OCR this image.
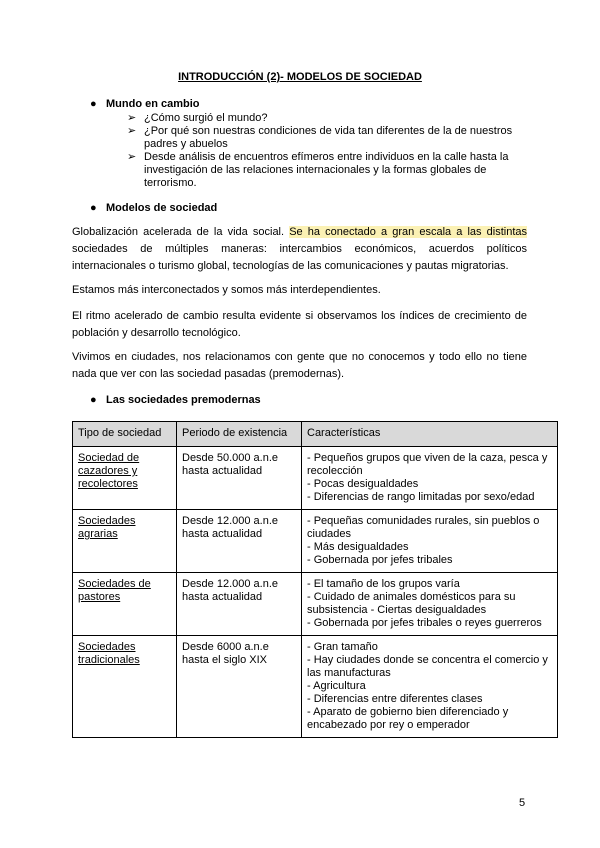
INTRODUCCIÓN (2)- MODELOS DE SOCIEDAD
● Mundo en cambio
➢ ¿Cómo surgió el mundo?
➢ ¿Por qué son nuestras condiciones de vida tan diferentes de la de nuestros padres y abuelos
➢ Desde análisis de encuentros efímeros entre individuos en la calle hasta la investigación de las relaciones internacionales y la formas globales de terrorismo.
● Modelos de sociedad

Globalización acelerada de la vida social. Se ha conectado a gran escala a las distintas sociedades de múltiples maneras: intercambios económicos, acuerdos políticos internacionales o turismo global, tecnologías de las comunicaciones y pautas migratorias.

Estamos más interconectados y somos más interdependientes.

El ritmo acelerado de cambio resulta evidente si observamos los índices de crecimiento de población y desarrollo tecnológico.

Vivimos en ciudades, nos relacionamos con gente que no conocemos y todo ello no tiene nada que ver con las sociedad pasadas (premodernas).

● Las sociedades premodernas
Tipo de sociedad	Periodo de existencia	Características
Sociedad de cazadores y recolectores	Desde 50.000 a.n.e hasta actualidad	- Pequeños grupos que viven de la caza, pesca y recolección
- Pocas desigualdades
- Diferencias de rango limitadas por sexo/edad

Sociedades agrarias	Desde 12.000 a.n.e hasta actualidad	- Pequeñas comunidades rurales, sin pueblos o ciudades
- Más desigualdades
- Gobernada por jefes tribales

Sociedades de pastores	Desde 12.000 a.n.e hasta actualidad	- El tamaño de los grupos varía
- Cuidado de animales domésticos para su subsistencia - Ciertas desigualdades
- Gobernada por jefes tribales o reyes guerreros

Sociedades tradicionales	Desde 6000 a.n.e hasta el siglo XIX	- Gran tamaño
- Hay ciudades donde se concentra el comercio y las manufacturas
- Agricultura
- Diferencias entre diferentes clases
- Aparato de gobierno bien diferenciado y encabezado por rey o emperador
5
